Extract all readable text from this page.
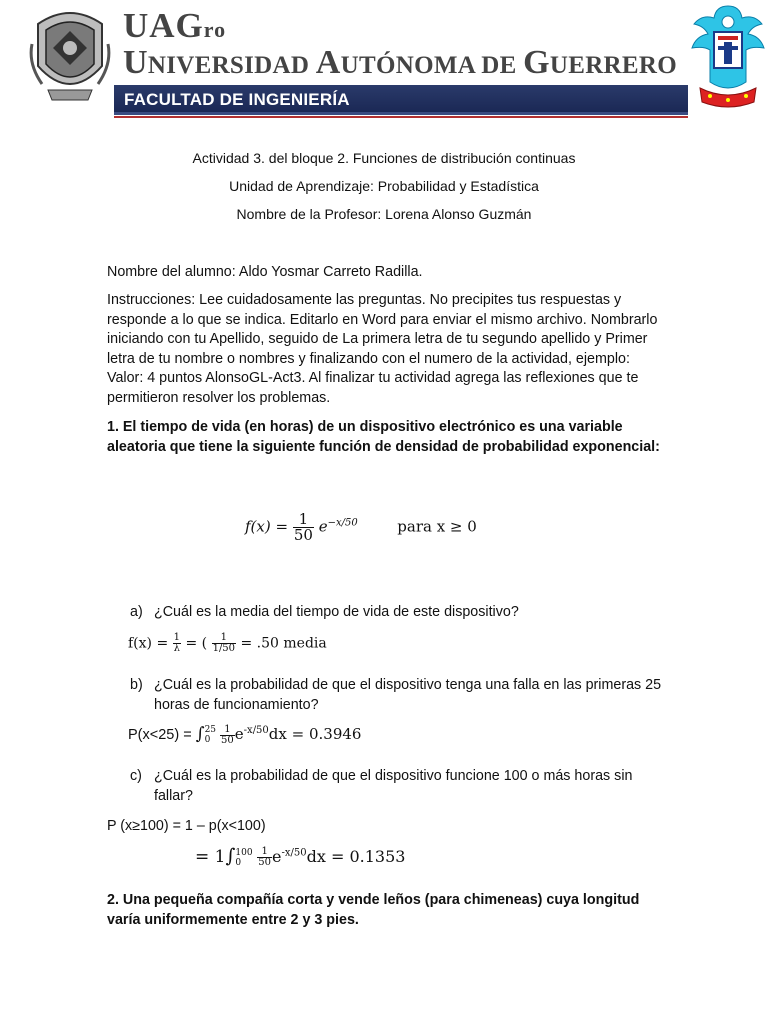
UAGro
UNIVERSIDAD AUTÓNOMA DE GUERRERO
FACULTAD DE INGENIERÍA
Actividad 3. del bloque 2. Funciones de distribución continuas
Unidad de Aprendizaje: Probabilidad y Estadística
Nombre de la Profesor: Lorena Alonso Guzmán
Nombre del alumno: Aldo Yosmar Carreto Radilla.
Instrucciones: Lee cuidadosamente las preguntas. No precipites tus respuestas y responde a lo que se indica. Editarlo en Word para enviar el mismo archivo. Nombrarlo iniciando con tu Apellido, seguido de La primera letra de tu segundo apellido y Primer letra de tu nombre o nombres y finalizando con el numero de la actividad, ejemplo: Valor: 4 puntos AlonsoGL-Act3. Al finalizar tu actividad agrega las reflexiones que te permitieron resolver los problemas.
1. El tiempo de vida (en horas) de un dispositivo electrónico es una variable aleatoria que tiene la siguiente función de densidad de probabilidad exponencial:
$f(x) = \frac{1}{50} e^{-x/50}$	para x ≥ 0
a) ¿Cuál es la media del tiempo de vida de este dispositivo?
$f(x) = \frac{1}{\lambda}$ = ( $\frac{1}{1/50} = .50$ media
b) ¿Cuál es la probabilidad de que el dispositivo tenga una falla en las primeras 25 horas de funcionamiento?
P(x<25) = ∫ 25
0
$\frac{1}{50} e^{-x/50}dx = 0.3946$
c) ¿Cuál es la probabilidad de que el dispositivo funcione 100 o más horas sin fallar?
P (x≥100) = 1 – p(x<100)
= 1∫ 100
0
	$\frac{1}{50} e^{-x/50}dx = 0.1353$
2. Una pequeña compañía corta y vende leños (para chimeneas) cuya longitud varía uniformemente entre 2 y 3 pies.
